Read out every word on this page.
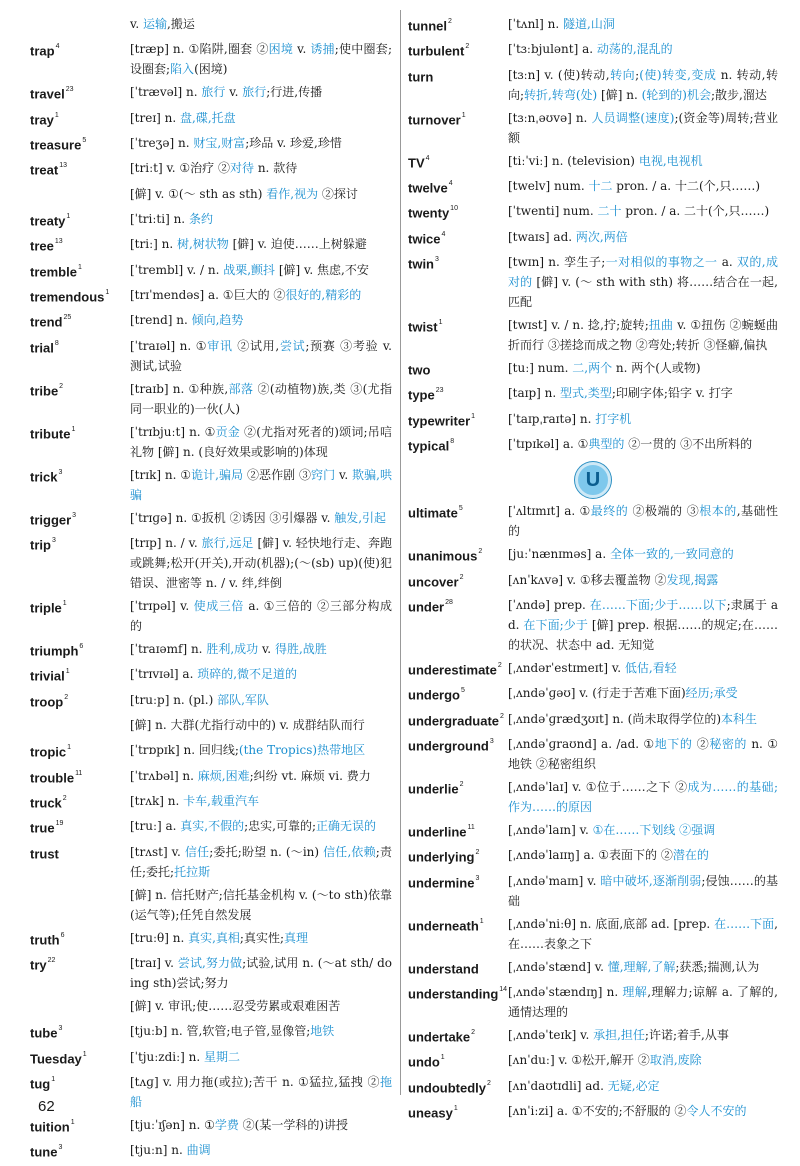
v. 运输,搬运
trap$^4$	[træp] n. ①陷阱,圈套 ②困境 v. 诱捕;使中圈套;设圈套;陷入(困境)
travel$^{23}$	[ˈtrævəl] n. 旅行 v. 旅行;行进,传播
tray$^1$	[treɪ] n. 盘,碟,托盘
treasure$^5$	[ˈtreʒə] n. 财宝,财富;珍品 v. 珍爱,珍惜
treat$^{13}$	[triːt] v. ①治疗 ②对待 n. 款待
[僻] v. ①(～ sth as sth) 看作,视为 ②探讨
treaty$^1$	[ˈtriːti] n. 条约
tree$^{13}$	[triː] n. 树,树状物 [僻] v. 迫使……上树躲避
tremble$^1$	[ˈtrembl] v. / n. 战栗,颤抖 [僻] v. 焦虑,不安
tremendous$^1$	[trɪˈmendəs] a. ①巨大的 ②很好的,精彩的
trend$^{25}$	[trend] n. 倾向,趋势
trial$^8$	[ˈtraɪəl] n. ①审讯 ②试用,尝试;预赛 ③考验 v. 测试,试验
tribe$^2$	[traɪb] n. ①种族,部落 ②(动植物)族,类 ③(尤指同一职业的)一伙(人)
tribute$^1$	[ˈtrɪbjuːt] n. ①贡金 ②(尤指对死者的)颂词;吊唁礼物 [僻] n. (良好效果或影响的)体现
trick$^3$	[trɪk] n. ①诡计,骗局 ②恶作剧 ③窍门 v. 欺骗,哄骗
trigger$^3$	[ˈtrɪɡə] n. ①扳机 ②诱因 ③引爆器 v. 触发,引起
trip$^3$	[trɪp] n. / v. 旅行,远足 [僻] v. 轻快地行走、奔跑或跳舞;松开(开关),开动(机器);(～(sb) up)(使)犯错误、泄密等 n. / v. 绊,绊倒
triple$^1$	[ˈtrɪpəl] v. 使成三倍 a. ①三倍的 ②三部分构成的
triumph$^6$	[ˈtraɪəmf] n. 胜利,成功 v. 得胜,战胜
trivial$^1$	[ˈtrɪvɪəl] a. 琐碎的,微不足道的
troop$^2$	[truːp] n. (pl.) 部队,军队
[僻] n. 大群(尤指行动中的) v. 成群结队而行
tropic$^1$	[ˈtrɒpɪk] n. 回归线;(the Tropics)热带地区
trouble$^{11}$	[ˈtrʌbəl] n. 麻烦,困难;纠纷 vt. 麻烦 vi. 费力
truck$^2$	[trʌk] n. 卡车,载重汽车
true$^{19}$	[truː] a. 真实,不假的;忠实,可靠的;正确无误的
trust	[trʌst] v. 信任;委托;盼望 n. (～in) 信任,依赖;责任;委托;托拉斯
[僻] n. 信托财产;信托基金机构 v. (～to sth)依靠(运气等);任凭自然发展
truth$^6$	[truːθ] n. 真实,真相;真实性;真理
try$^{22}$	[traɪ] v. 尝试,努力做;试验,试用 n. (～at sth/ doing sth)尝试;努力
[僻] v. 审讯;使……忍受劳累或艰难困苦
tube$^3$	[tjuːb] n. 管,软管;电子管,显像管;地铁
Tuesday$^1$	[ˈtjuːzdiː] n. 星期二
tug$^1$	[tʌɡ] v. 用力拖(或拉);苦干 n. ①猛拉,猛拽 ②拖船
tuition$^1$	[tjuːˈɪʃən] n. ①学费 ②(某一学科的)讲授
tune$^3$	[tjuːn] n. 曲调
tunnel$^2$	[ˈtʌnl] n. 隧道,山洞
turbulent$^2$	[ˈtɜːbjulənt] a. 动荡的,混乱的
turn	[tɜːn] v. (使)转动,转向;(使)转变,变成 n. 转动,转向;转折,转弯(处) [僻] n. (轮到的)机会;散步,溜达
turnover$^1$	[tɜːnˌəʊvə] n. 人员调整(速度);(资金等)周转;营业额
$TV^4$	[tiːˈviː] n. (television) 电视,电视机
twelve$^4$	[twelv] num. 十二 pron. / a. 十二(个,只……)
twenty$^{10}$	[ˈtwenti] num. 二十 pron. / a. 二十(个,只……)
twice$^4$	[twaɪs] ad. 两次,两倍
twin$^3$	[twɪn] n. 孪生子;一对相似的事物之一 a. 双的,成对的 [僻] v. (～ sth with sth) 将……结合在一起,匹配
twist$^1$	[twɪst] v. / n. 捻,拧;旋转;扭曲 v. ①扭伤 ②蜿蜒曲折而行 ③搓捻而成之物 ②弯处;转折 ③怪癖,偏执
two	[tuː] num. 二,两个 n. 两个(人或物)
type$^{23}$	[taɪp] n. 型式,类型;印刷字体;铅字 v. 打字
typewriter$^1$	[ˈtaɪpˌraɪtə] n. 打字机
typical$^8$	[ˈtɪpɪkəl] a. ①典型的 ②一贯的 ③不出所料的
U
ultimate$^5$	[ˈʌltɪmɪt] a. ①最终的 ②极端的 ③根本的,基础性的
unanimous$^2$	[juːˈnænɪməs] a. 全体一致的,一致同意的
uncover$^2$	[ʌnˈkʌvə] v. ①移去覆盖物 ②发现,揭露
under$^{28}$	[ˈʌndə] prep. 在……下面;少于……以下;隶属于 ad. 在下面;少于 [僻] prep. 根据……的规定;在……的状况、状态中 ad. 无知觉
underestimate$^2$ [ˌʌndərˈestɪmeɪt] v. 低估,看轻
undergo$^5$	[ˌʌndəˈɡəʊ] v. (行走于苦难下面)经历;承受
undergraduate$^2$ [ˌʌndəˈɡrædʒʊɪt] n. (尚未取得学位的)本科生
underground$^3$	[ˌʌndəˈɡraʊnd] a. /ad. ①地下的 ②秘密的 n. ①地铁 ②秘密组织
underlie$^2$	[ˌʌndəˈlaɪ] v. ①位于……之下 ②成为……的基础;作为……的原因
underline$^{11}$	[ˌʌndəˈlaɪn] v. ①在……下划线 ②强调
underlying$^2$	[ˌʌndəˈlaɪɪŋ] a. ①表面下的 ②潜在的
undermine$^3$	[ˌʌndəˈmaɪn] v. 暗中破坏,逐渐削弱;侵蚀……的基础
underneath$^1$	[ˌʌndəˈniːθ] n. 底面,底部 ad. [prep. 在……下面,在……表象之下
understand	[ˌʌndəˈstænd] v. 懂,理解,了解;获悉;揣测,认为
understanding$^{14}$ [ˌʌndəˈstændɪŋ] n. 理解,理解力;谅解 a. 了解的,通情达理的
undertake$^2$	[ˌʌndəˈteɪk] v. 承担,担任;许诺;着手,从事
undo$^1$	[ʌnˈduː] v. ①松开,解开 ②取消,废除
undoubtedly$^2$	[ʌnˈdaʊtɪdli] ad. 无疑,必定
uneasy$^1$	[ʌnˈiːzi] a. ①不安的;不舒服的 ②令人不安的
62
